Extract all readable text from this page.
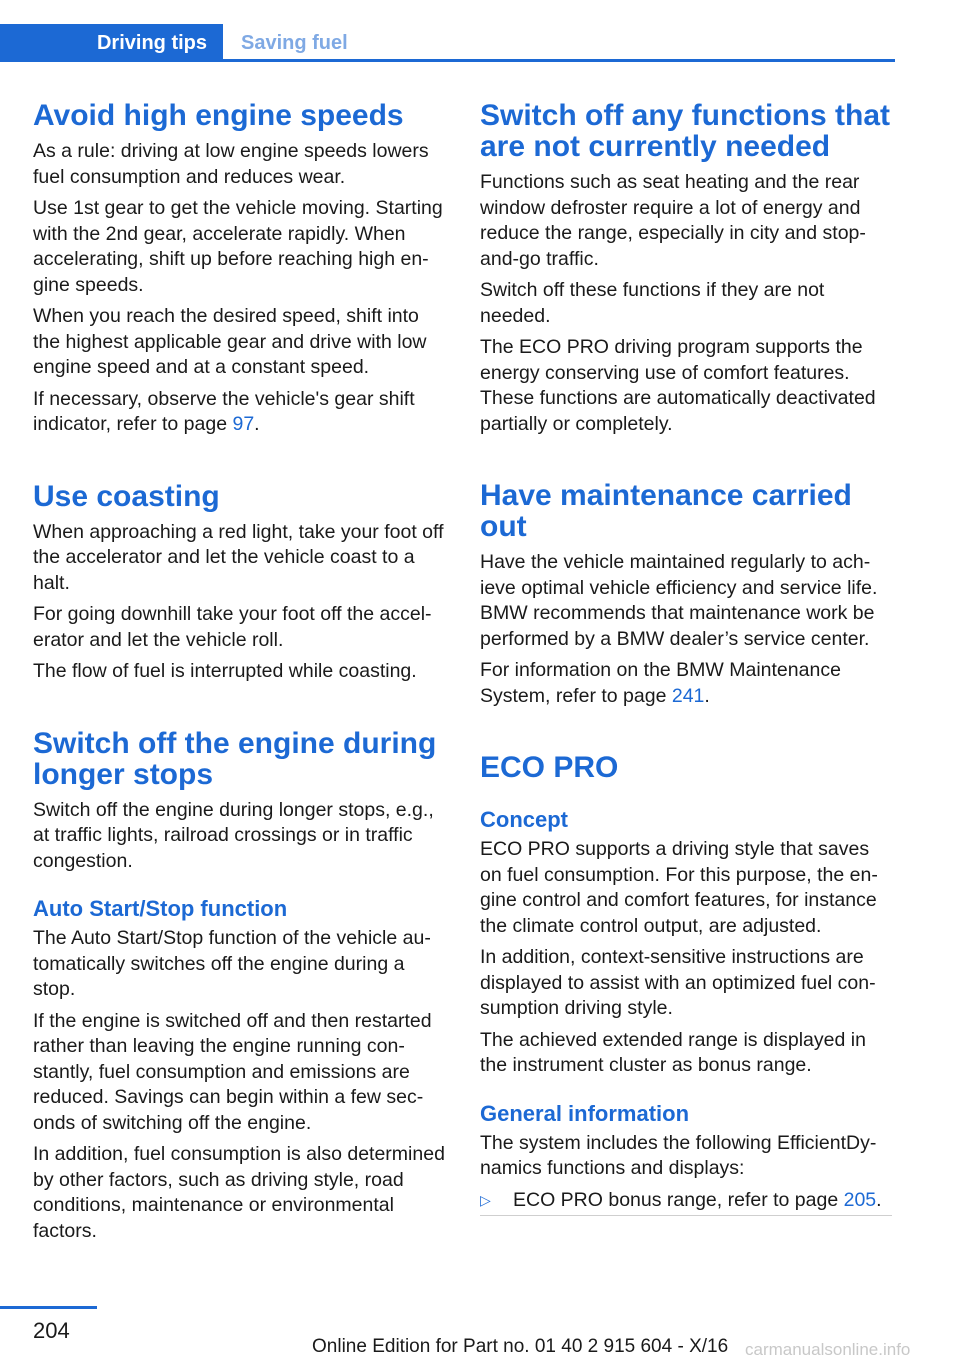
Driving tips	Saving fuel
Avoid high engine speeds

As a rule: driving at low engine speeds lowers fuel consumption and reduces wear.

Use 1st gear to get the vehicle moving. Starting with the 2nd gear, accelerate rapidly. When accelerating, shift up before reaching high engine speeds.

When you reach the desired speed, shift into the highest applicable gear and drive with low engine speed and at a constant speed.

If necessary, observe the vehicle's gear shift indicator, refer to page 97.

Use coasting

When approaching a red light, take your foot off the accelerator and let the vehicle coast to a halt.

For going downhill take your foot off the accelerator and let the vehicle roll.

The flow of fuel is interrupted while coasting.

Switch off the engine during longer stops

Switch off the engine during longer stops, e.g., at traffic lights, railroad crossings or in traffic congestion.

Auto Start/Stop function

The Auto Start/Stop function of the vehicle automatically switches off the engine during a stop.

If the engine is switched off and then restarted rather than leaving the engine running constantly, fuel consumption and emissions are reduced. Savings can begin within a few seconds of switching off the engine.

In addition, fuel consumption is also determined by other factors, such as driving style, road conditions, maintenance or environmental factors.

Switch off any functions that are not currently needed

Functions such as seat heating and the rear window defroster require a lot of energy and reduce the range, especially in city and stop-and-go traffic.

Switch off these functions if they are not needed.

The ECO PRO driving program supports the energy conserving use of comfort features. These functions are automatically deactivated partially or completely.

Have maintenance carried out

Have the vehicle maintained regularly to achieve optimal vehicle efficiency and service life. BMW recommends that maintenance work be performed by a BMW dealer’s service center.

For information on the BMW Maintenance System, refer to page 241.

ECO PRO
Concept

ECO PRO supports a driving style that saves on fuel consumption. For this purpose, the engine control and comfort features, for instance the climate control output, are adjusted.

In addition, context-sensitive instructions are displayed to assist with an optimized fuel consumption driving style.

The achieved extended range is displayed in the instrument cluster as bonus range.

General information

The system includes the following EfficientDynamics functions and displays:

▷	ECO PRO bonus range, refer to page 205.
204
Online Edition for Part no. 01 40 2 915 604 - X/16 carmanualsonline.info
